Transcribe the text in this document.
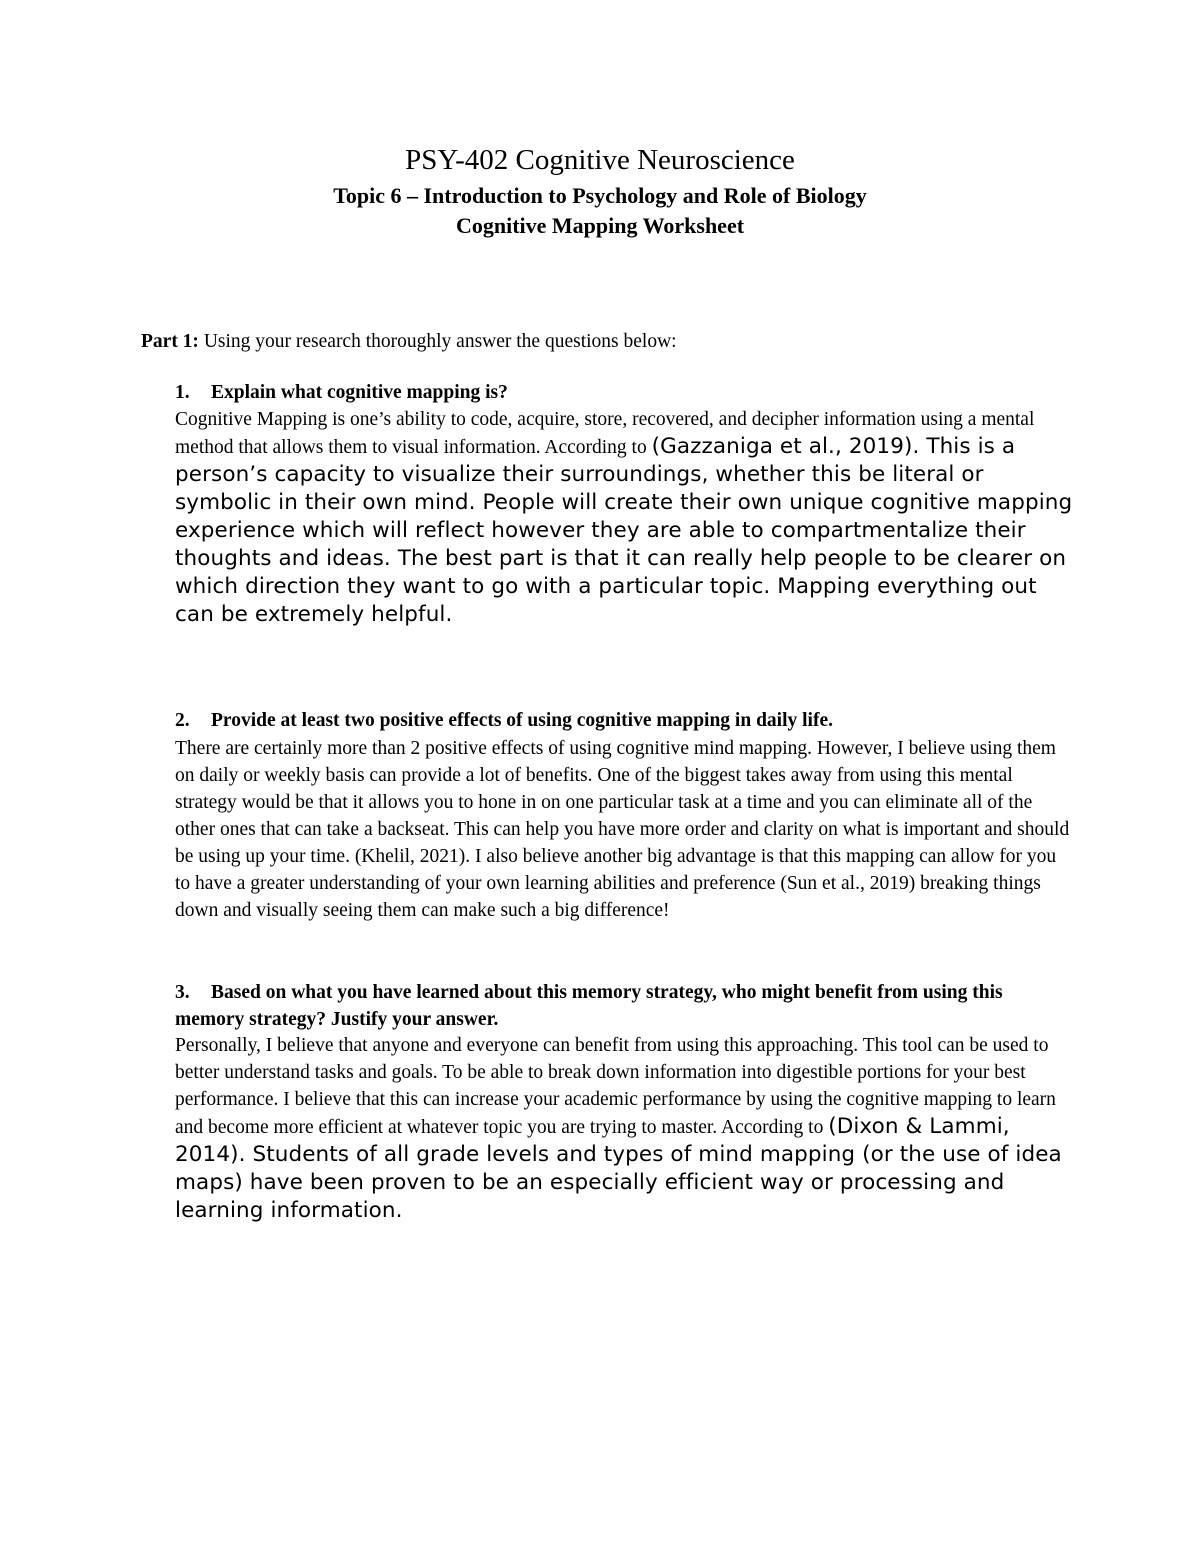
PSY-402 Cognitive Neuroscience
Topic 6 – Introduction to Psychology and Role of Biology
Cognitive Mapping Worksheet

Part 1: Using your research thoroughly answer the questions below:

1. Explain what cognitive mapping is?

Cognitive Mapping is one’s ability to code, acquire, store, recovered, and decipher information using a mental method that allows them to visual information. According to (Gazzaniga et al., 2019). This is a person’s capacity to visualize their surroundings, whether this be literal or symbolic in their own mind. People will create their own unique cognitive mapping experience which will reflect however they are able to compartmentalize their thoughts and ideas. The best part is that it can really help people to be clearer on which direction they want to go with a particular topic. Mapping everything out can be extremely helpful.

2. Provide at least two positive effects of using cognitive mapping in daily life.

There are certainly more than 2 positive effects of using cognitive mind mapping. However, I believe using them on daily or weekly basis can provide a lot of benefits. One of the biggest takes away from using this mental strategy would be that it allows you to hone in on one particular task at a time and you can eliminate all of the other ones that can take a backseat. This can help you have more order and clarity on what is important and should be using up your time. (Khelil, 2021). I also believe another big advantage is that this mapping can allow for you to have a greater understanding of your own learning abilities and preference (Sun et al., 2019) breaking things down and visually seeing them can make such a big difference!

3. Based on what you have learned about this memory strategy, who might benefit from using this memory strategy? Justify your answer.

Personally, I believe that anyone and everyone can benefit from using this approaching. This tool can be used to better understand tasks and goals. To be able to break down information into digestible portions for your best performance. I believe that this can increase your academic performance by using the cognitive mapping to learn and become more efficient at whatever topic you are trying to master. According to (Dixon & Lammi, 2014). Students of all grade levels and types of mind mapping (or the use of idea maps) have been proven to be an especially efficient way or processing and learning information.
